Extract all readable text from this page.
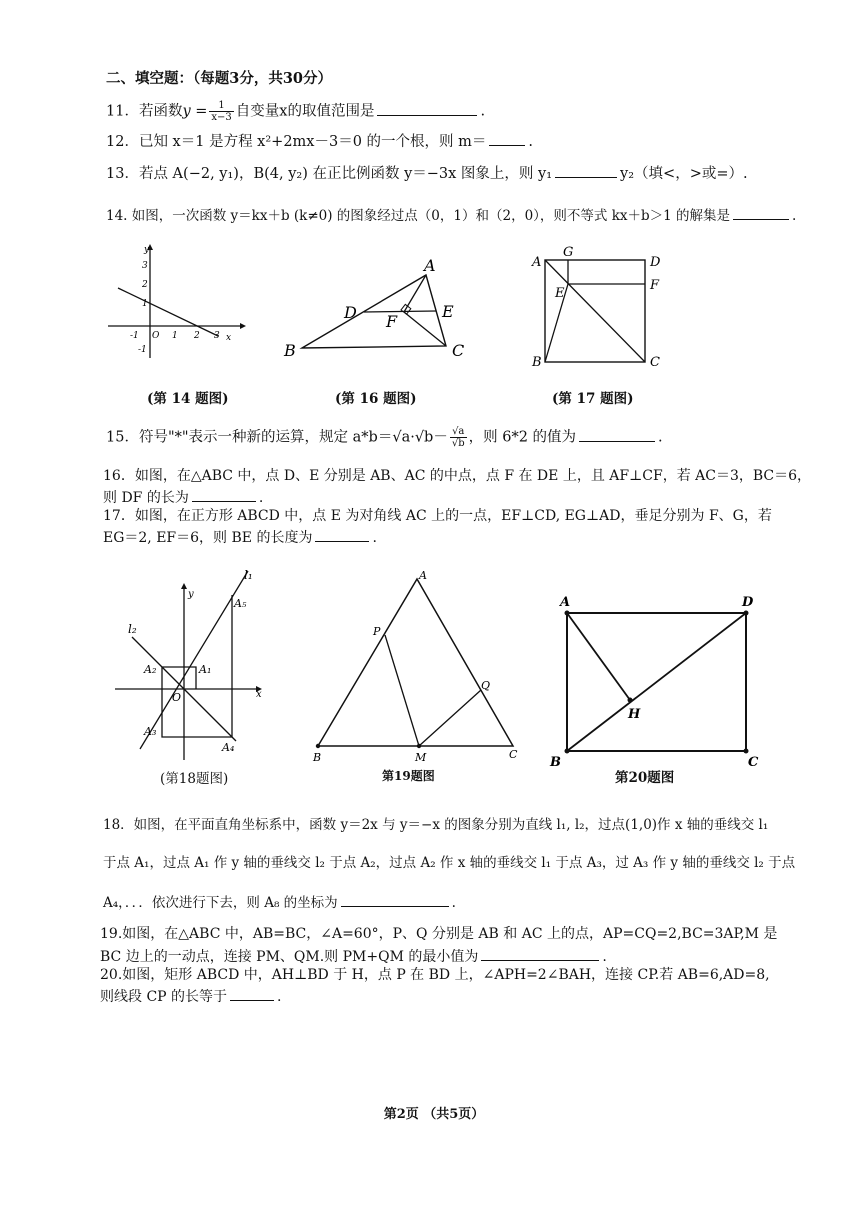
二、填空题：（每题3分，共30分）
11．若函数$y = \frac{1}{x-3}$ 自变量x的取值范围是	.
12．已知 x＝1 是方程 x²+2mx－3＝0 的一个根，则 m＝	.
13．若点 A(−2, y₁)，B(4, y₂) 在正比例函数 y＝−3x 图象上，则 y₁	y₂（填<，>或=）.
14. 如图，一次函数 y＝kx＋b (k≠0) 的图象经过点（0，1）和（2，0），则不等式 kx＋b＞1 的解集是	.
y
x
3
2
1
O
-1
-1	1 2 3
(第 14 题图)
A
B	C
D	E
F
(第 16 题图)
A
B	C
D
E
F
G
(第 17 题图)
15．符号"*"表示一种新的运算，规定 $a*b=√a\cdot√b- \frac{√a}{√b}$ ，则 6*2 的值为	.
16．如图，在△ABC 中，点 D、E 分别是 AB、AC 的中点，点 F 在 DE 上，且 AF⊥CF，若 AC＝3，BC＝6，
则 DF 的长为	.
17．如图，在正方形 ABCD 中，点 E 为对角线 AC 上的一点，EF⊥CD, EG⊥AD，垂足分别为 F、G，若
EG＝2, EF＝6，则 BE 的长度为	.
l₁
l₂
y
x
O
A₁
A₂
A₃
A₄
A₅
(第18题图)
A
B	C
M
P
Q
第19题图
A	D
B	C
H
第20题图
18．如图，在平面直角坐标系中，函数 y＝2x 与 y＝−x 的图象分别为直线 l₁, l₂，过点(1,0)作 x 轴的垂线交 l₁
于点 A₁，过点 A₁ 作 y 轴的垂线交 l₂ 于点 A₂，过点 A₂ 作 x 轴的垂线交 l₁ 于点 A₃，过 A₃ 作 y 轴的垂线交 l₂ 于点
A₄，．．．依次进行下去，则 A₈ 的坐标为	.
19.如图，在△ABC 中，AB=BC，∠A=60°，P、Q 分别是 AB 和 AC 上的点，AP=CQ=2,BC=3AP,M 是
BC 边上的一动点，连接 PM、QM.则 PM+QM 的最小值为	.
20.如图，矩形 ABCD 中，AH⊥BD 于 H，点 P 在 BD 上，∠APH=2∠BAH，连接 CP.若 AB=6,AD=8,
则线段 CP 的长等于	.
第2页 （共5页）
